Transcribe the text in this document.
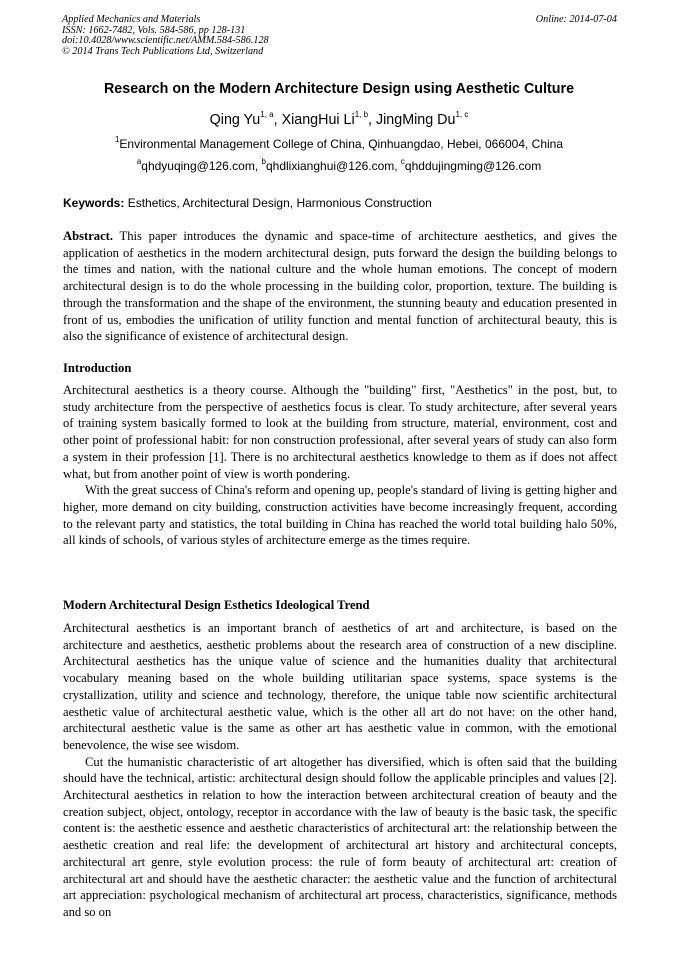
Applied Mechanics and Materials
ISSN: 1662-7482, Vols. 584-586, pp 128-131
doi:10.4028/www.scientific.net/AMM.584-586.128
© 2014 Trans Tech Publications Ltd, Switzerland
Online: 2014-07-04
Research on the Modern Architecture Design using Aesthetic Culture
Qing Yu$^{1, a}$, XiangHui Li$^{1, b}$, JingMing Du$^{1, c}$
$^1$Environmental Management College of China, Qinhuangdao, Hebei, 066004, China
$^a$qhdyuqing@126.com, $^b$qhdlixianghui@126.com, $^c$qhddujingming@126.com
Keywords: Esthetics, Architectural Design, Harmonious Construction

Abstract. This paper introduces the dynamic and space-time of architecture aesthetics, and gives the application of aesthetics in the modern architectural design, puts forward the design the building belongs to the times and nation, with the national culture and the whole human emotions. The concept of modern architectural design is to do the whole processing in the building color, proportion, texture. The building is through the transformation and the shape of the environment, the stunning beauty and education presented in front of us, embodies the unification of utility function and mental function of architectural beauty, this is also the significance of existence of architectural design.

Introduction

Architectural aesthetics is a theory course. Although the "building" first, "Aesthetics" in the post, but, to study architecture from the perspective of aesthetics focus is clear. To study architecture, after several years of training system basically formed to look at the building from structure, material, environment, cost and other point of professional habit: for non construction professional, after several years of study can also form a system in their profession [1]. There is no architectural aesthetics knowledge to them as if does not affect what, but from another point of view is worth pondering.

With the great success of China's reform and opening up, people's standard of living is getting higher and higher, more demand on city building, construction activities have become increasingly frequent, according to the relevant party and statistics, the total building in China has reached the world total building halo 50%, all kinds of schools, of various styles of architecture emerge as the times require.

Modern Architectural Design Esthetics Ideological Trend

Architectural aesthetics is an important branch of aesthetics of art and architecture, is based on the architecture and aesthetics, aesthetic problems about the research area of construction of a new discipline. Architectural aesthetics has the unique value of science and the humanities duality that architectural vocabulary meaning based on the whole building utilitarian space systems, space systems is the crystallization, utility and science and technology, therefore, the unique table now scientific architectural aesthetic value of architectural aesthetic value, which is the other all art do not have: on the other hand, architectural aesthetic value is the same as other art has aesthetic value in common, with the emotional benevolence, the wise see wisdom.

Cut the humanistic characteristic of art altogether has diversified, which is often said that the building should have the technical, artistic: architectural design should follow the applicable principles and values [2]. Architectural aesthetics in relation to how the interaction between architectural creation of beauty and the creation subject, object, ontology, receptor in accordance with the law of beauty is the basic task, the specific content is: the aesthetic essence and aesthetic characteristics of architectural art: the relationship between the aesthetic creation and real life: the development of architectural art history and architectural concepts, architectural art genre, style evolution process: the rule of form beauty of architectural art: creation of architectural art and should have the aesthetic character: the aesthetic value and the function of architectural art appreciation: psychological mechanism of architectural art process, characteristics, significance, methods and so on
